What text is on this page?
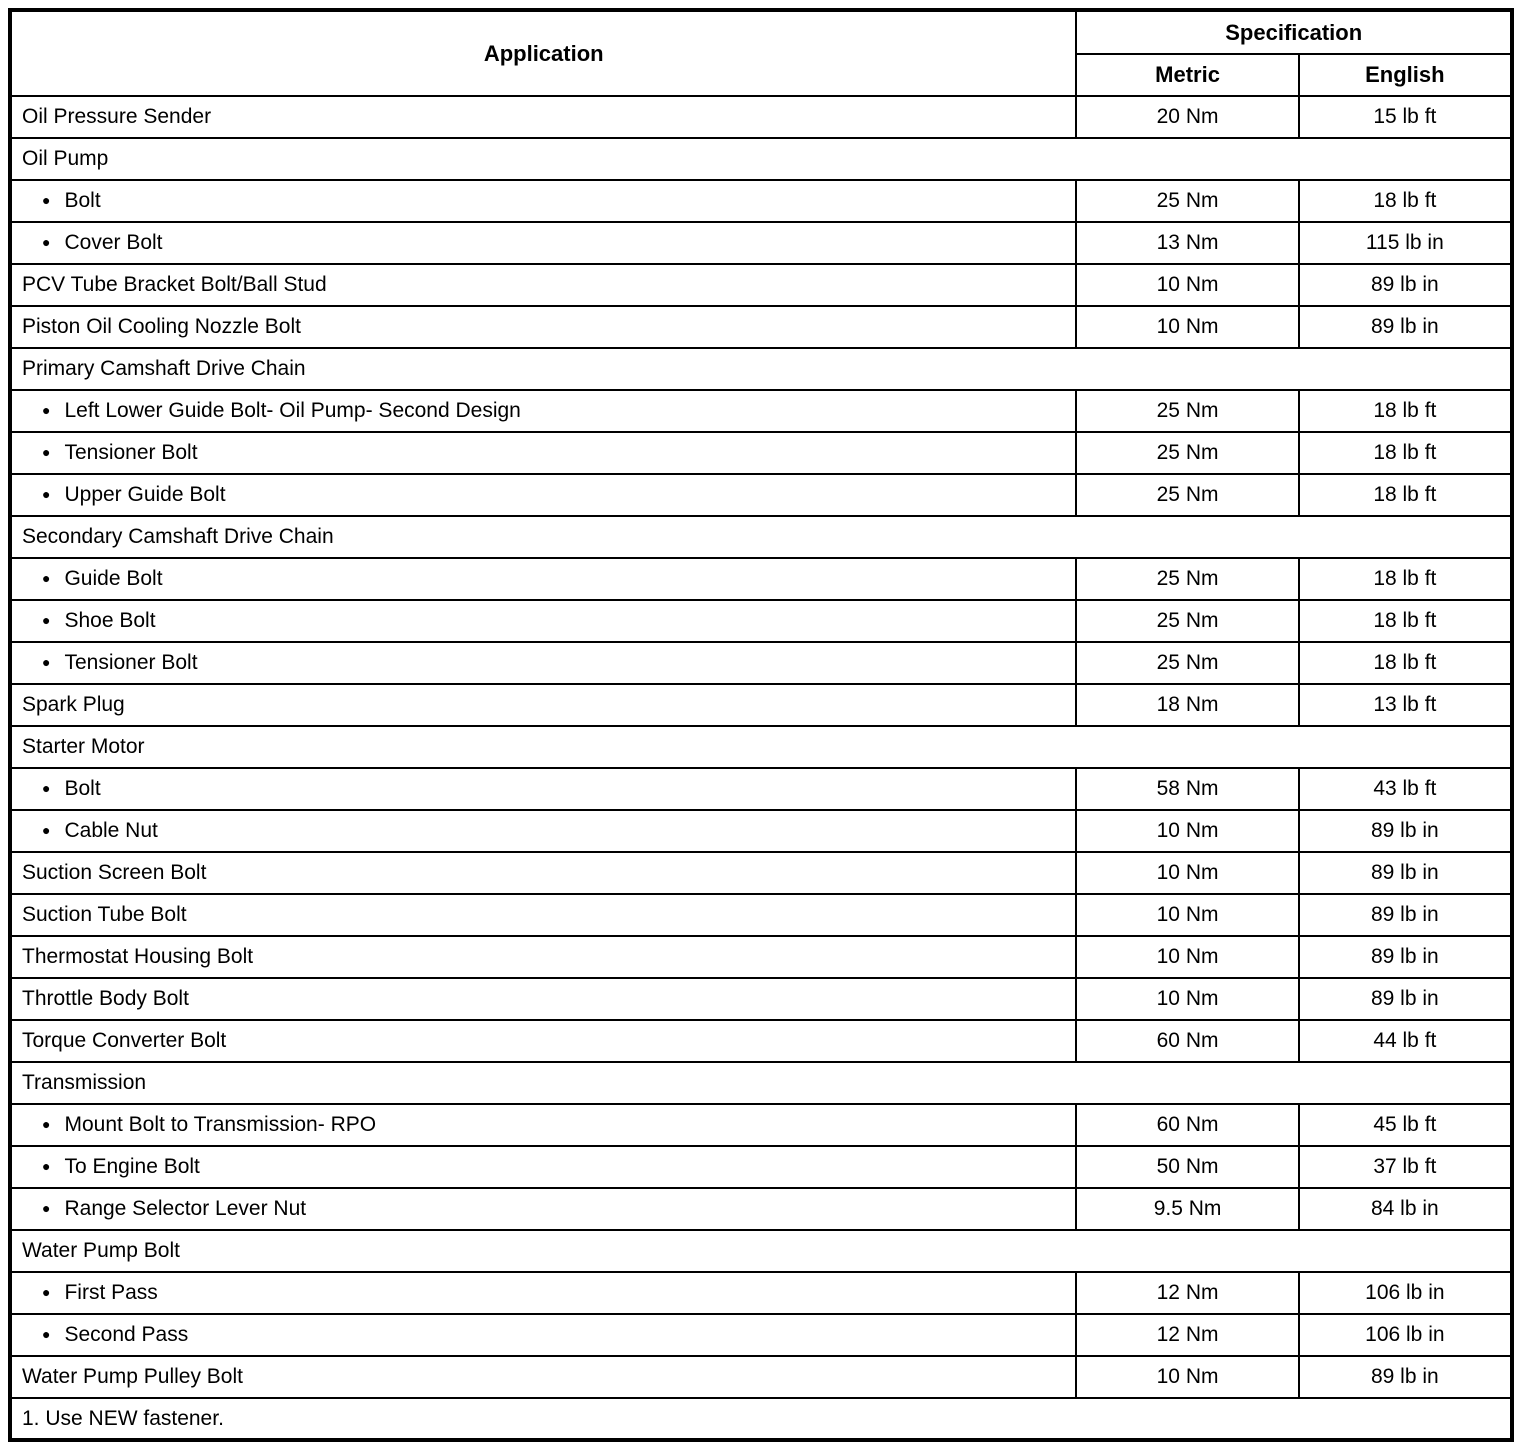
Application	Specification	
	Metric	English
Oil Pressure Sender	20 Nm	15 lb ft
Oil Pump		
● Bolt	25 Nm	18 lb ft
● Cover Bolt	13 Nm	115 lb in
PCV Tube Bracket Bolt/Ball Stud	10 Nm	89 lb in
Piston Oil Cooling Nozzle Bolt	10 Nm	89 lb in
Primary Camshaft Drive Chain		
● Left Lower Guide Bolt- Oil Pump- Second Design	25 Nm	18 lb ft
● Tensioner Bolt	25 Nm	18 lb ft
● Upper Guide Bolt	25 Nm	18 lb ft
Secondary Camshaft Drive Chain		
● Guide Bolt	25 Nm	18 lb ft
● Shoe Bolt	25 Nm	18 lb ft
● Tensioner Bolt	25 Nm	18 lb ft
Spark Plug	18 Nm	13 lb ft
Starter Motor		
● Bolt	58 Nm	43 lb ft
● Cable Nut	10 Nm	89 lb in
Suction Screen Bolt	10 Nm	89 lb in
Suction Tube Bolt	10 Nm	89 lb in
Thermostat Housing Bolt	10 Nm	89 lb in
Throttle Body Bolt	10 Nm	89 lb in
Torque Converter Bolt	60 Nm	44 lb ft
Transmission		
● Mount Bolt to Transmission- RPO	60 Nm	45 lb ft
● To Engine Bolt	50 Nm	37 lb ft
● Range Selector Lever Nut	9.5 Nm	84 lb in
Water Pump Bolt		
● First Pass	12 Nm	106 lb in
● Second Pass	12 Nm	106 lb in
Water Pump Pulley Bolt	10 Nm	89 lb in
1. Use NEW fastener.		
